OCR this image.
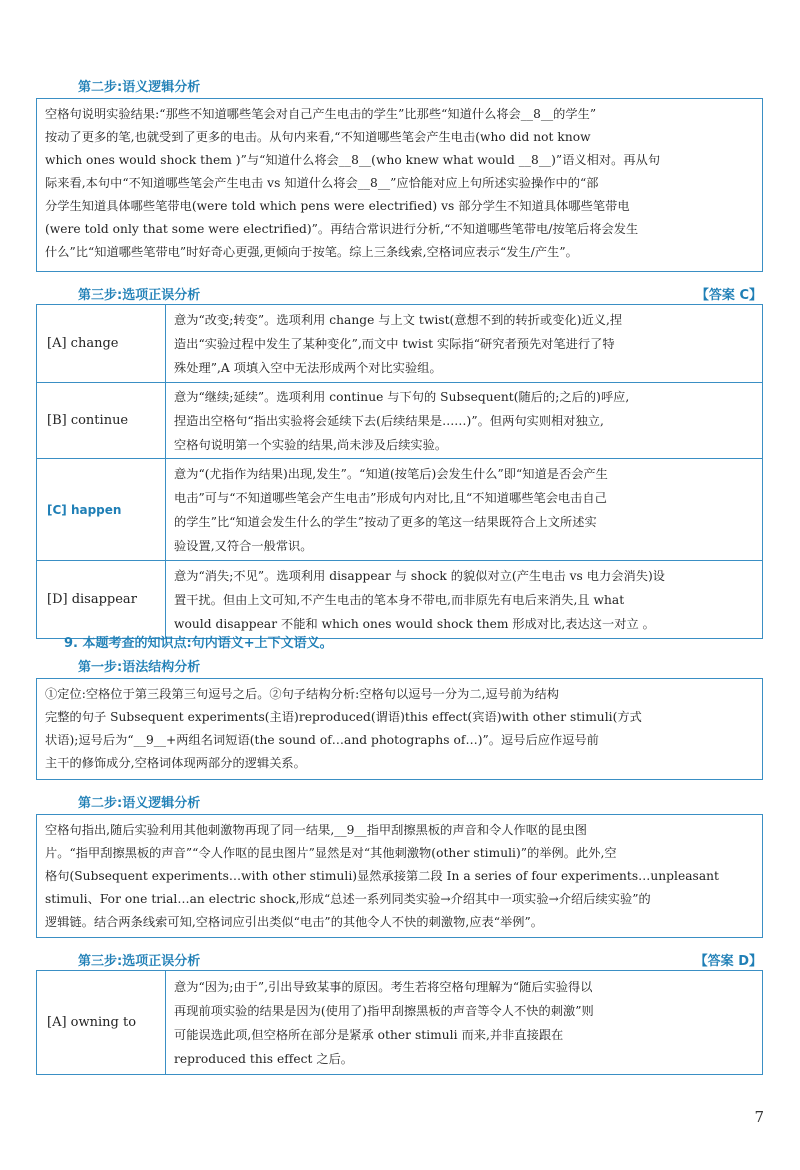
第二步:语义逻辑分析
空格句说明实验结果:“那些不知道哪些笔会对自己产生电击的学生”比那些“知道什么将会__8__的学生”
按动了更多的笔,也就受到了更多的电击。从句内来看,“不知道哪些笔会产生电击(who did not know
which ones would shock them )”与“知道什么将会__8__(who knew what would __8__)”语义相对。再从句
际来看,本句中“不知道哪些笔会产生电击 vs 知道什么将会__8__”应恰能对应上句所述实验操作中的“部
分学生知道具体哪些笔带电(were told which pens were electrified) vs 部分学生不知道具体哪些笔带电
(were told only that some were electrified)”。再结合常识进行分析,“不知道哪些笔带电/按笔后将会发生
什么”比“知道哪些笔带电”时好奇心更强,更倾向于按笔。综上三条线索,空格词应表示“发生/产生”。
第三步:选项正误分析	【答案 C】
[A] change	意为“改变;转变”。选项利用 change 与上文 twist(意想不到的转折或变化)近义,捏
造出“实验过程中发生了某种变化”,而文中 twist 实际指“研究者预先对笔进行了特
殊处理”,A 项填入空中无法形成两个对比实验组。

[B] continue	意为“继续;延续”。选项利用 continue 与下句的 Subsequent(随后的;之后的)呼应,
捏造出空格句“指出实验将会延续下去(后续结果是……)”。但两句实则相对独立,
空格句说明第一个实验的结果,尚未涉及后续实验。

[C] happen	意为“(尤指作为结果)出现,发生”。“知道(按笔后)会发生什么”即“知道是否会产生
电击”可与“不知道哪些笔会产生电击”形成句内对比,且“不知道哪些笔会电击自己
的学生”比“知道会发生什么的学生”按动了更多的笔这一结果既符合上文所述实
验设置,又符合一般常识。

[D] disappear	意为“消失;不见”。选项利用 disappear 与 shock 的貌似对立(产生电击 vs 电力会消失)设
置干扰。但由上文可知,不产生电击的笔本身不带电,而非原先有电后来消失,且 what
would disappear 不能和 which ones would shock them 形成对比,表达这一对立 。
9. 本题考查的知识点:句内语义+上下文语义。
第一步:语法结构分析
①定位:空格位于第三段第三句逗号之后。②句子结构分析:空格句以逗号一分为二,逗号前为结构
完整的句子 Subsequent experiments(主语)reproduced(谓语)this effect(宾语)with other stimuli(方式
状语);逗号后为“__9__+两组名词短语(the sound of…and photographs of…)”。逗号后应作逗号前
主干的修饰成分,空格词体现两部分的逻辑关系。
第二步:语义逻辑分析
空格句指出,随后实验利用其他刺激物再现了同一结果,__9__指甲刮擦黑板的声音和令人作呕的昆虫图
片。“指甲刮擦黑板的声音”“令人作呕的昆虫图片”显然是对“其他刺激物(other stimuli)”的举例。此外,空
格句(Subsequent experiments…with other stimuli)显然承接第二段 In a series of four experiments…unpleasant
stimuli、For one trial…an electric shock,形成“总述一系列同类实验→介绍其中一项实验→介绍后续实验”的
逻辑链。结合两条线索可知,空格词应引出类似“电击”的其他令人不快的刺激物,应表“举例”。
第三步:选项正误分析	【答案 D】
[A] owning to	
意为“因为;由于”,引出导致某事的原因。考生若将空格句理解为“随后实验得以
再现前项实验的结果是因为(使用了)指甲刮擦黑板的声音等令人不快的刺激”则
可能误选此项,但空格所在部分是紧承 other stimuli 而来,并非直接跟在
reproduced this effect 之后。
7
